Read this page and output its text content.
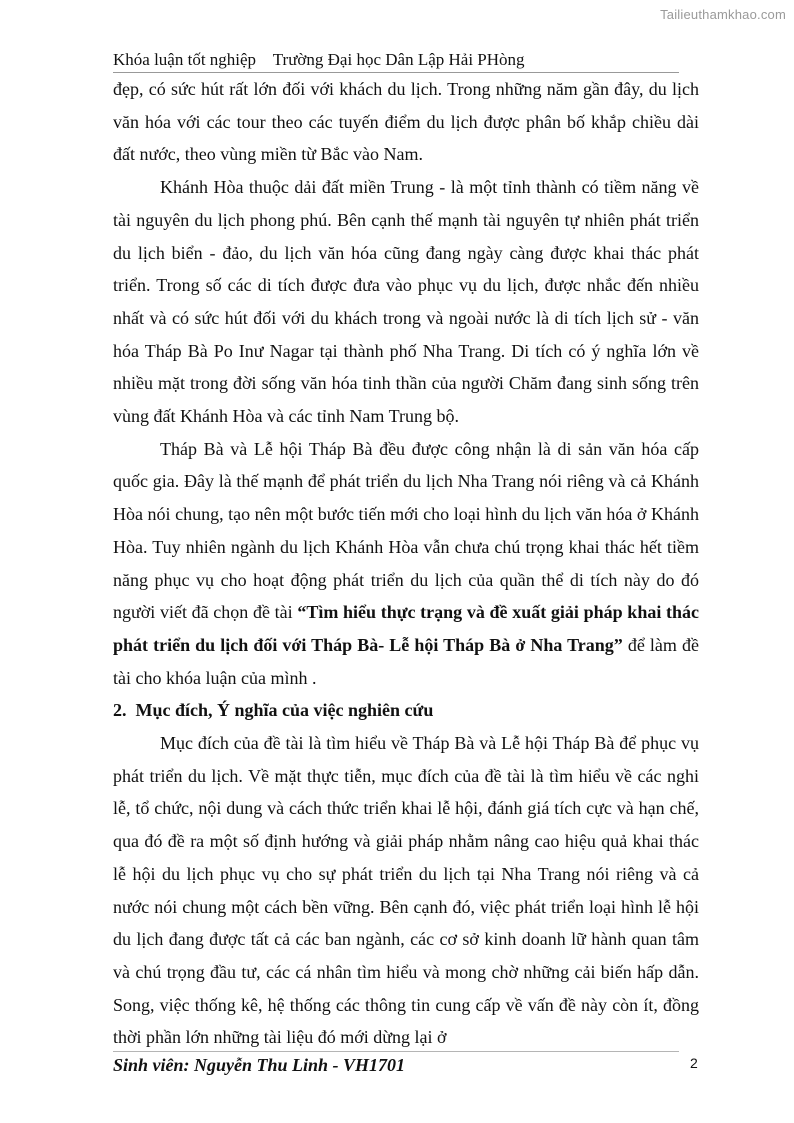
Tailieuthamkhao.com
Khóa luận tốt nghiệp    Trường Đại học Dân Lập Hải PHòng

đẹp, có sức hút rất lớn đối với khách du lịch. Trong những năm gần đây, du lịch văn hóa với các tour theo các tuyến điểm du lịch được phân bố khắp chiều dài đất nước, theo vùng miền từ Bắc vào Nam.

Khánh Hòa thuộc dải đất miền Trung - là một tỉnh thành có tiềm năng về tài nguyên du lịch phong phú. Bên cạnh thế mạnh tài nguyên tự nhiên phát triển du lịch biển - đảo, du lịch văn hóa cũng đang ngày càng được khai thác phát triển. Trong số các di tích được đưa vào phục vụ du lịch, được nhắc đến nhiều nhất và có sức hút đối với du khách trong và ngoài nước là di tích lịch sử - văn hóa Tháp Bà Po Inư Nagar tại thành phố Nha Trang. Di tích có ý nghĩa lớn về nhiều mặt trong đời sống văn hóa tinh thần của người Chăm đang sinh sống trên vùng đất Khánh Hòa và các tỉnh Nam Trung bộ.

Tháp Bà và Lễ hội Tháp Bà đều được công nhận là di sản văn hóa cấp quốc gia. Đây là thế mạnh để phát triển du lịch Nha Trang nói riêng và cả Khánh Hòa nói chung, tạo nên một bước tiến mới cho loại hình du lịch văn hóa ở Khánh Hòa. Tuy nhiên ngành du lịch Khánh Hòa vẫn chưa chú trọng khai thác hết tiềm năng phục vụ cho hoạt động phát triển du lịch của quần thể di tích này do đó người viết đã chọn đề tài “Tìm hiểu thực trạng và đề xuất giải pháp khai thác phát triển du lịch đối với Tháp Bà- Lễ hội Tháp Bà ở Nha Trang” để làm đề tài cho khóa luận của mình .

2. Mục đích, Ý nghĩa của việc nghiên cứu

Mục đích của đề tài là tìm hiểu về Tháp Bà và Lễ hội Tháp Bà để phục vụ phát triển du lịch. Về mặt thực tiễn, mục đích của đề tài là tìm hiểu về các nghi lễ, tổ chức, nội dung và cách thức triển khai lễ hội, đánh giá tích cực và hạn chế, qua đó đề ra một số định hướng và giải pháp nhằm nâng cao hiệu quả khai thác lễ hội du lịch phục vụ cho sự phát triển du lịch tại Nha Trang nói riêng và cả nước nói chung một cách bền vững. Bên cạnh đó, việc phát triển loại hình lễ hội du lịch đang được tất cả các ban ngành, các cơ sở kinh doanh lữ hành quan tâm và chú trọng đầu tư, các cá nhân tìm hiểu và mong chờ những cải biến hấp dẫn. Song, việc thống kê, hệ thống các thông tin cung cấp về vấn đề này còn ít, đồng thời phần lớn những tài liệu đó mới dừng lại ở

Sinh viên: Nguyễn Thu Linh - VH1701	2
